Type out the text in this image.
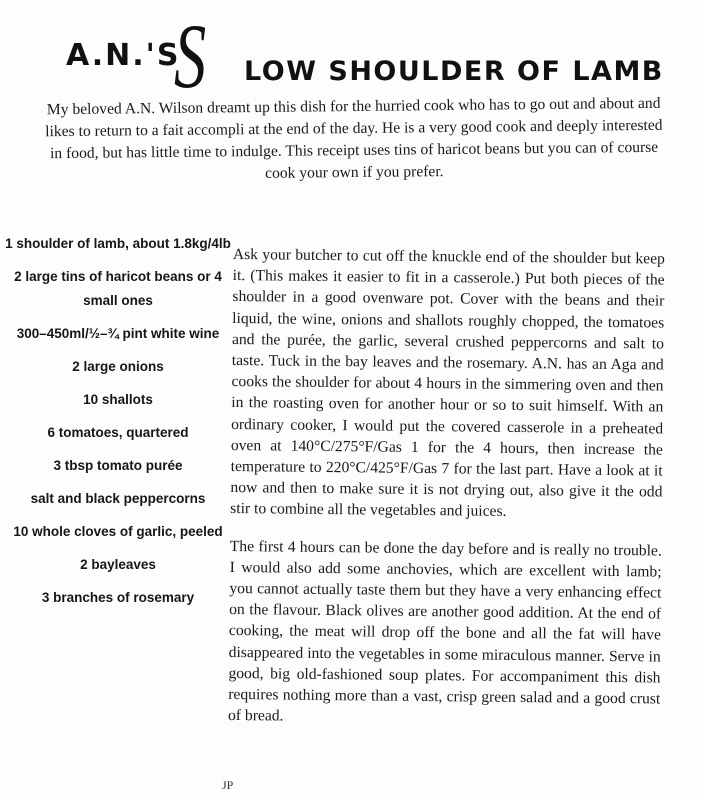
A.N.'S
S LOW SHOULDER OF LAMB
My beloved A.N. Wilson dreamt up this dish for the hurried cook who has to go out and about and likes to return to a fait accompli at the end of the day. He is a very good cook and deeply interested in food, but has little time to indulge. This receipt uses tins of haricot beans but you can of course cook your own if you prefer.
1 shoulder of lamb, about 1.8kg/4lb
2 large tins of haricot beans or 4 small ones
300–450ml/½–¾ pint white wine
2 large onions
10 shallots
6 tomatoes, quartered
3 tbsp tomato purée
salt and black peppercorns
10 whole cloves of garlic, peeled
2 bayleaves
3 branches of rosemary

Ask your butcher to cut off the knuckle end of the shoulder but keep it. (This makes it easier to fit in a casserole.) Put both pieces of the shoulder in a good ovenware pot. Cover with the beans and their liquid, the wine, onions and shallots roughly chopped, the tomatoes and the purée, the garlic, several crushed peppercorns and salt to taste. Tuck in the bay leaves and the rosemary. A.N. has an Aga and cooks the shoulder for about 4 hours in the simmering oven and then in the roasting oven for another hour or so to suit himself. With an ordinary cooker, I would put the covered casserole in a preheated oven at 140°C/275°F/Gas 1 for the 4 hours, then increase the temperature to 220°C/425°F/Gas 7 for the last part. Have a look at it now and then to make sure it is not drying out, also give it the odd stir to combine all the vegetables and juices.

The first 4 hours can be done the day before and is really no trouble. I would also add some anchovies, which are excellent with lamb; you cannot actually taste them but they have a very enhancing effect on the flavour. Black olives are another good addition. At the end of cooking, the meat will drop off the bone and all the fat will have disappeared into the vegetables in some miraculous manner. Serve in good, big old-fashioned soup plates. For accompaniment this dish requires nothing more than a vast, crisp green salad and a good crust of bread.

JP
